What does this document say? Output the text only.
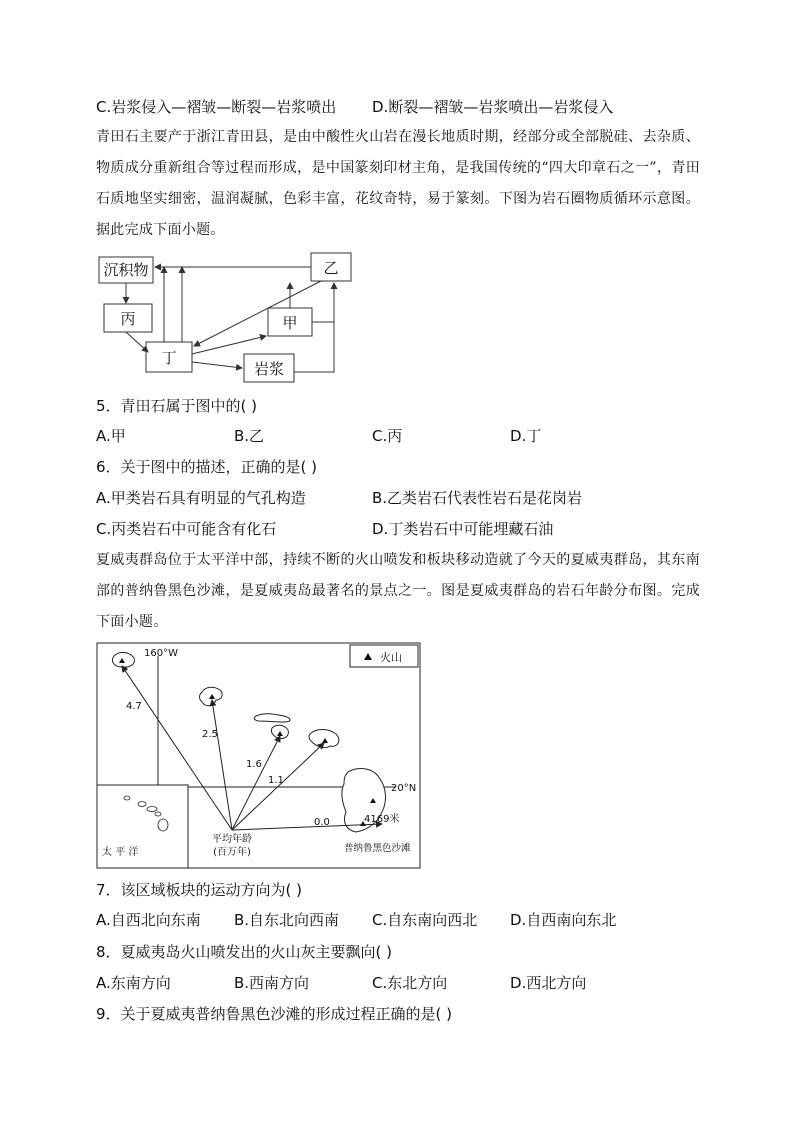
C.岩浆侵入—褶皱—断裂—岩浆喷出 D.断裂—褶皱—岩浆喷出—岩浆侵入
青田石主要产于浙江青田县，是由中酸性火山岩在漫长地质时期，经部分或全部脱硅、去杂质、物质成分重新组合等过程而形成，是中国篆刻印材主角，是我国传统的“四大印章石之一”，青田石质地坚实细密，温润凝腻，色彩丰富，花纹奇特，易于篆刻。下图为岩石圈物质循环示意图。据此完成下面小题。
沉积物	乙
丙	甲
丁
岩浆
5．青田石属于图中的( )
A.甲	B.乙	C.丙	D.丁
6．关于图中的描述，正确的是( )
A.甲类岩石具有明显的气孔构造	B.乙类岩石代表性岩石是花岗岩
C.丙类岩石中可能含有化石	D.丁类岩石中可能埋藏石油
夏威夷群岛位于太平洋中部，持续不断的火山喷发和板块移动造就了今天的夏威夷群岛，其东南部的普纳鲁黑色沙滩，是夏威夷岛最著名的景点之一。图是夏威夷群岛的岩石年龄分布图。完成下面小题。
火山
160°W
20°N
太 平 洋
4.7
2.5
1.6
1.1
0.0	4169米
普纳鲁黑色沙滩
平均年龄
(百万年)
7．该区域板块的运动方向为( )
A.自西北向东南 B.自东北向西南 C.自东南向西北 D.自西南向东北
8．夏威夷岛火山喷发出的火山灰主要飘向( )
A.东南方向	B.西南方向	C.东北方向	D.西北方向
9．关于夏威夷普纳鲁黑色沙滩的形成过程正确的是( )
